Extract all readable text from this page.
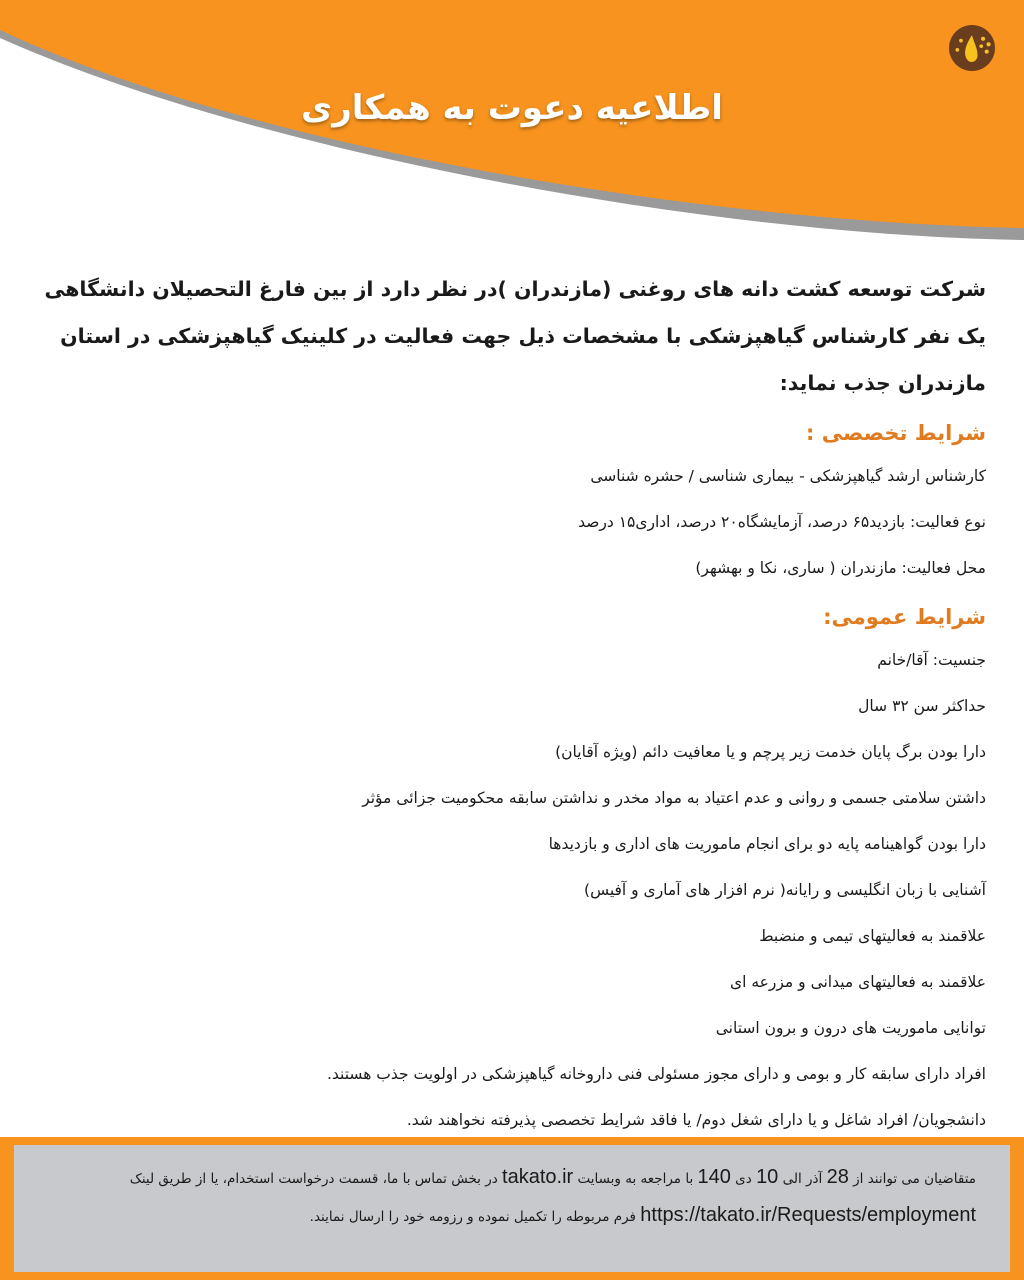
اطلاعیه دعوت به همکاری

شرکت توسعه کشت دانه های روغنی (مازندران )در نظر دارد از بین فارغ التحصیلان دانشگاهی یک نفر کارشناس گیاهپزشکی با مشخصات ذیل جهت فعالیت در کلینیک گیاهپزشکی در استان مازندران جذب نماید:

شرایط تخصصی :
کارشناس ارشد گیاهپزشکی - بیماری شناسی / حشره شناسی
نوع فعالیت: بازدید۶۵ درصد، آزمایشگاه۲۰ درصد، اداری۱۵ درصد
محل فعالیت: مازندران ( ساری، نکا و بهشهر)
شرایط عمومی:
جنسیت: آقا/خانم
حداکثر سن ۳۲ سال
دارا بودن برگ پایان خدمت زیر پرچم و یا معافیت دائم (ویژه آقایان)
داشتن سلامتی جسمی و روانی و عدم اعتیاد به مواد مخدر و نداشتن سابقه محکومیت جزائی مؤثر
دارا بودن گواهینامه پایه دو برای انجام ماموریت های اداری و بازدیدها
آشنایی با زبان انگلیسی و رایانه( نرم افزار های آماری و آفیس)
علاقمند به فعالیتهای تیمی و منضبط
علاقمند به فعالیتهای میدانی و مزرعه ای
توانایی ماموریت های درون و برون استانی
افراد دارای سابقه کار و بومی و دارای مجوز مسئولی فنی داروخانه گیاهپزشکی در اولویت جذب هستند.
دانشجویان/ افراد شاغل و یا دارای شغل دوم/ یا فاقد شرایط تخصصی پذیرفته نخواهند شد.
متقاضیان می توانند از 28 آذر الی 10 دی 140 با مراجعه به وبسایت takato.ir در بخش تماس با ما، قسمت درخواست استخدام، یا از طریق لینک https://takato.ir/Requests/employment فرم مربوطه را تکمیل نموده و رزومه خود را ارسال نمایند.
